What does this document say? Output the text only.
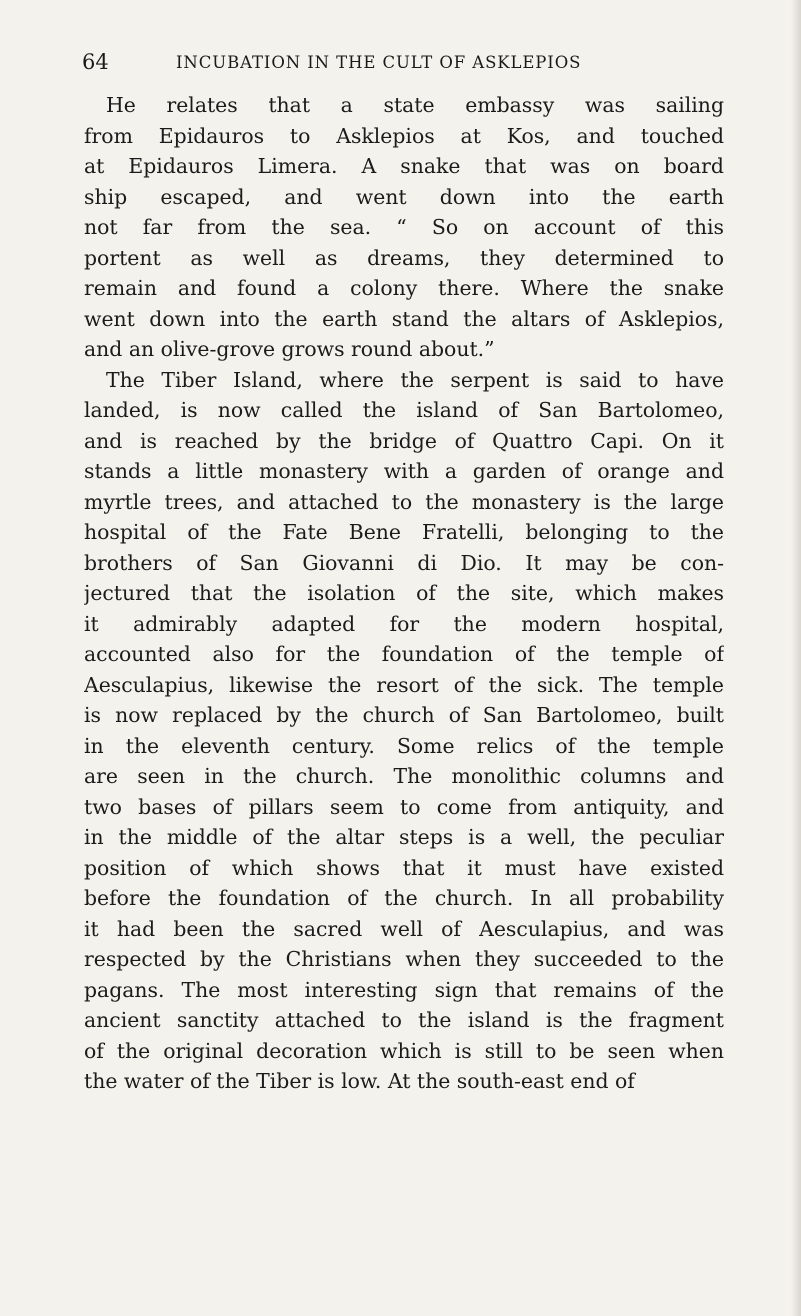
64	INCUBATION IN THE CULT OF ASKLEPIOS
He relates that a state embassy was sailing
from Epidauros to Asklepios at Kos, and touched
at Epidauros Limera. A snake that was on board
ship escaped, and went down into the earth
not far from the sea. “ So on account of this
portent as well as dreams, they determined to
remain and found a colony there. Where the snake
went down into the earth stand the altars of Asklepios,
and an olive-grove grows round about.”
The Tiber Island, where the serpent is said to have
landed, is now called the island of San Bartolomeo,
and is reached by the bridge of Quattro Capi. On it
stands a little monastery with a garden of orange and
myrtle trees, and attached to the monastery is the large
hospital of the Fate Bene Fratelli, belonging to the
brothers of San Giovanni di Dio. It may be con-
jectured that the isolation of the site, which makes
it admirably adapted for the modern hospital,
accounted also for the foundation of the temple of
Aesculapius, likewise the resort of the sick. The temple
is now replaced by the church of San Bartolomeo, built
in the eleventh century. Some relics of the temple
are seen in the church. The monolithic columns and
two bases of pillars seem to come from antiquity, and
in the middle of the altar steps is a well, the peculiar
position of which shows that it must have existed
before the foundation of the church. In all probability
it had been the sacred well of Aesculapius, and was
respected by the Christians when they succeeded to the
pagans. The most interesting sign that remains of the
ancient sanctity attached to the island is the fragment
of the original decoration which is still to be seen when
the water of the Tiber is low. At the south-east end of
